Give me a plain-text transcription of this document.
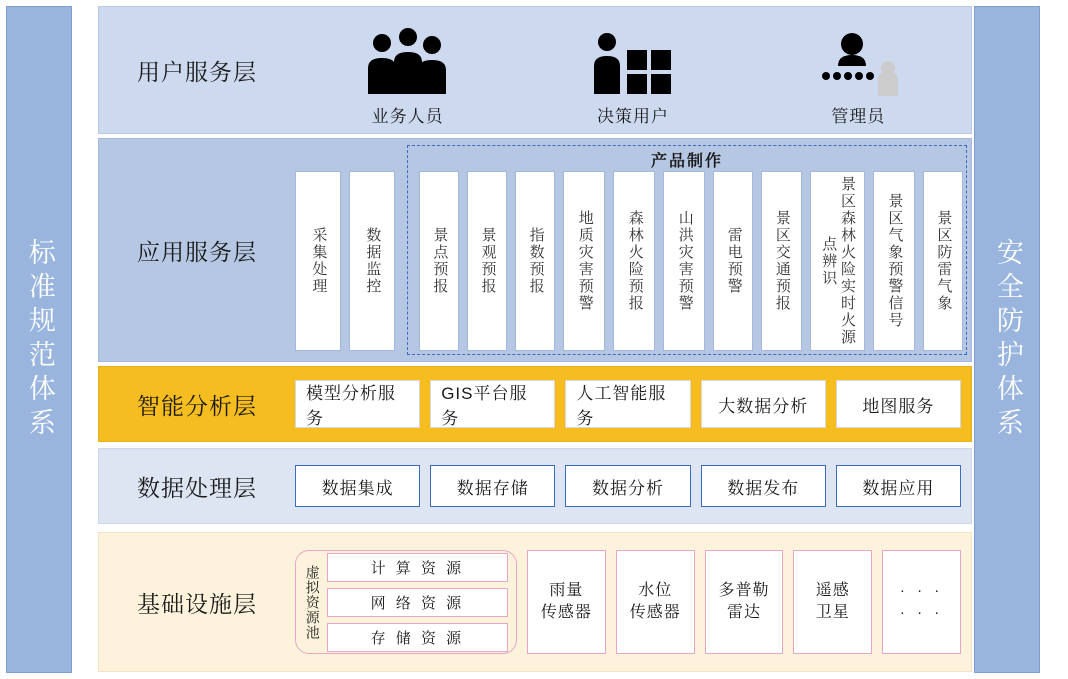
标准规范体系	安全防护体系
用户服务层
业务人员	决策用户	管理员
应用服务层
产品制作
采集处理 数据监控	景点预报 景观预报 指数预报 地质灾害预警 森林火险预报 山洪灾害预警 雷电预警 景区交通预报	景区森林火险实时火源点辨识	景区气象预警信号 景区防雷气象
智能分析层	模型分析服务
GIS平台服务
人工智能服务
大数据分析	地图服务
数据处理层	数据集成	数据存储	数据分析	数据发布	数据应用
基础设施层	虚拟资源池	计 算 资 源
网 络 资 源
存 储 资 源
雨量
传感器
水位
传感器
多普勒
雷达
遥感
卫星
· · ·
· · ·
